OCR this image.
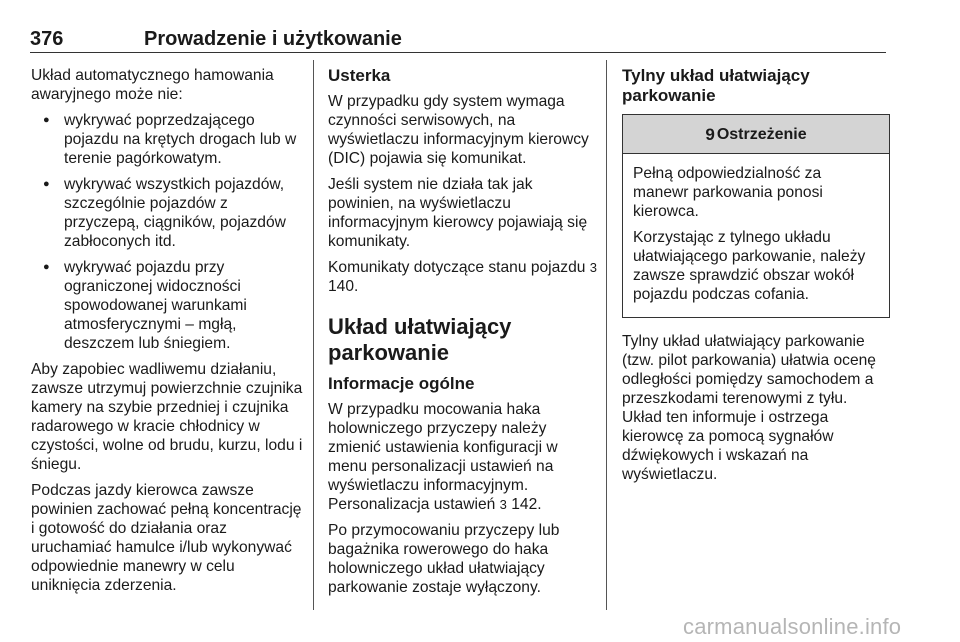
376	Prowadzenie i użytkowanie

Układ automatycznego hamowania awaryjnego może nie:

● wykrywać poprzedzającego pojazdu na krętych drogach lub w terenie pagórkowatym.
● wykrywać wszystkich pojazdów, szczególnie pojazdów z przyczepą, ciągników, pojazdów zabłoconych itd.
● wykrywać pojazdu przy ograniczonej widoczności spowodowanej warunkami atmosferycznymi – mgłą, deszczem lub śniegiem.

Aby zapobiec wadliwemu działaniu, zawsze utrzymuj powierzchnie czujnika kamery na szybie przedniej i czujnika radarowego w kracie chłodnicy w czystości, wolne od brudu, kurzu, lodu i śniegu.

Podczas jazdy kierowca zawsze powinien zachować pełną koncentrację i gotowość do działania oraz uruchamiać hamulce i/lub wykonywać odpowiednie manewry w celu uniknięcia zderzenia.

Usterka

W przypadku gdy system wymaga czynności serwisowych, na wyświetlaczu informacyjnym kierowcy (DIC) pojawia się komunikat.

Jeśli system nie działa tak jak powinien, na wyświetlaczu informacyjnym kierowcy pojawiają się komunikaty.

Komunikaty dotyczące stanu pojazdu 3 140.

Układ ułatwiający parkowanie
Informacje ogólne

W przypadku mocowania haka holowniczego przyczepy należy zmienić ustawienia konfiguracji w menu personalizacji ustawień na wyświetlaczu informacyjnym. Personalizacja ustawień 3 142.

Po przymocowaniu przyczepy lub bagażnika rowerowego do haka holowniczego układ ułatwiający parkowanie zostaje wyłączony.

Tylny układ ułatwiający parkowanie
9 Ostrzeżenie

Pełną odpowiedzialność za manewr parkowania ponosi kierowca.

Korzystając z tylnego układu ułatwiającego parkowanie, należy zawsze sprawdzić obszar wokół pojazdu podczas cofania.

Tylny układ ułatwiający parkowanie (tzw. pilot parkowania) ułatwia ocenę odległości pomiędzy samochodem a przeszkodami terenowymi z tyłu. Układ ten informuje i ostrzega kierowcę za pomocą sygnałów dźwiękowych i wskazań na wyświetlaczu.

carmanualsonline.info
